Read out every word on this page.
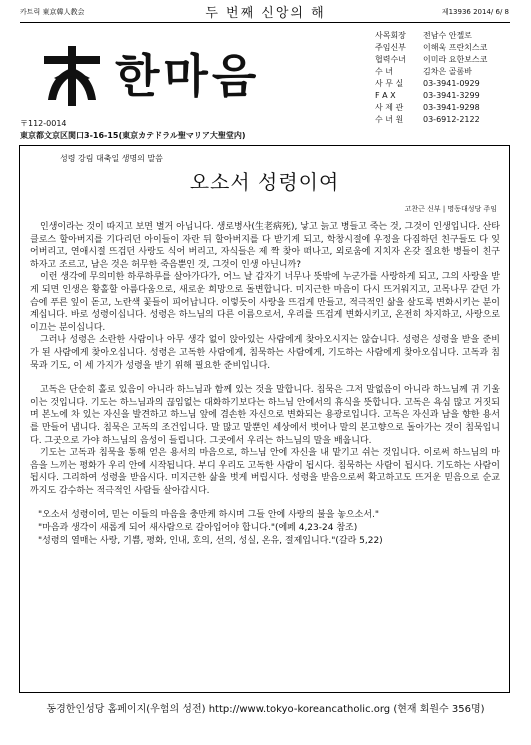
카트릭 東京韓人教会	두 번째 신앙의 해	제13936 2014/ 6/ 8
한마음
사목회장	전남수 안젤로
주임신부	이해욱 프란치스코
협력수녀	이미라 요한보스코
수 녀	김차은 골롬바
사 무 실	03-3941-0929
F A X	03-3941-3299
사 제 관	03-3941-9298
수 녀 원	03-6912-2122
〒112-0014
東京都文京区関口3-16-15(東京カテドラル聖マリア大聖堂内)
성령 강림 대축일 생명의 말씀
오소서 성령이여
고찬근 신부 | 명동대성당 주임

인생이라는 것이 따지고 보면 별거 아닙니다. 생로병사(生老病死), 낳고 늙고 병들고 죽는 것, 그것이 인생입니다. 산타클로스 할아버지를 기다리던 아이들이 자란 뒤 할아버지를 다 받기게 되고, 학창시절에 우정을 다짐하던 친구들도 다 잊어버리고, 연애시절 뜨겁던 사랑도 식어 버리고, 자식들은 제 짝 찾아 떠나고, 외로움에 지치자 온갖 질요한 병들이 친구하자고 조르고, 남은 것은 허무한 죽음뿐인 것, 그것이 인생 아닌니까?

이런 생각에 무의미한 하루하루를 살아가다가, 어느 날 갑자기 너무나 뜻밖에 누군가를 사랑하게 되고, 그의 사랑을 받게 되면 인생은 황홀할 아름다움으로, 새로운 희망으로 돌변합니다. 미지근한 마음이 다시 뜨거워지고, 고목나무 같던 가슴에 푸른 잎이 돋고, 노란색 꽃들이 피어납니다. 이렇듯이 사랑을 뜨겁게 만들고, 적극적인 삶을 살도록 변화시키는 분이 계십니다. 바로 성령이십니다. 성령은 하느님의 다른 이름으로서, 우리를 뜨겁게 변화시키고, 온전히 차지하고, 사랑으로 이끄는 분이십니다.

그러나 성령은 소란한 사람이나 아무 생각 없이 앉아있는 사람에게 찾아오시지는 않습니다. 성령은 성령을 받을 준비가 된 사람에게 찾아오십니다. 성령은 고독한 사람에게, 침묵하는 사람에게, 기도하는 사람에게 찾아오십니다. 고독과 침묵과 기도, 이 세 가지가 성령을 받기 위해 필요한 준비입니다.

고독은 단순히 홀로 있음이 아니라 하느님과 함께 있는 것을 말합니다. 침묵은 그저 말없음이 아니라 하느님께 귀 기울이는 것입니다. 기도는 하느님과의 끊임없는 대화하기보다는 하느님 안에서의 휴식을 뜻합니다. 고독은 욕심 많고 거짓되며 본노에 차 있는 자신을 발견하고 하느님 앞에 겸손한 자신으로 변화되는 용광로입니다. 고독은 자신과 남을 향한 용서를 만들어 냅니다. 침묵은 고독의 조건입니다. 말 많고 말뿐인 세상에서 벗어나 말의 본고향으로 돌아가는 것이 침묵입니다. 그곳으로 가야 하느님의 음성이 들립니다. 그곳에서 우리는 하느님의 말을 배웁니다.

기도는 고독과 침묵을 통해 얻은 용서의 마음으로, 하느님 안에 자신을 내 맡기고 쉬는 것입니다. 이로써 하느님의 마음을 느끼는 평화가 우리 안에 시작됩니다. 부디 우리도 고독한 사람이 됩시다. 침묵하는 사람이 됩시다. 기도하는 사람이 됩시다. 그리하여 성령을 받읍시다. 미지근한 삶을 벗게 버립시다. 성령을 받음으로써 확고하고도 뜨거운 믿음으로 순교까지도 감수하는 적극적인 사람들 살아갑시다.

"오소서 성령이여, 믿는 이들의 마음을 충만케 하시며 그들 안에 사랑의 불을 놓으소서."
"마음과 생각이 새롭게 되어 새사람으로 갈아입어야 합니다."(에페 4,23-24 참조)
"성령의 열매는 사랑, 기쁨, 평화, 인내, 호의, 선의, 성실, 온유, 절제입니다."(갈라 5,22)
동경한인성당 홈페이지(우험의 성전) http://www.tokyo-koreancatholic.org (현재 회원수 356명)
